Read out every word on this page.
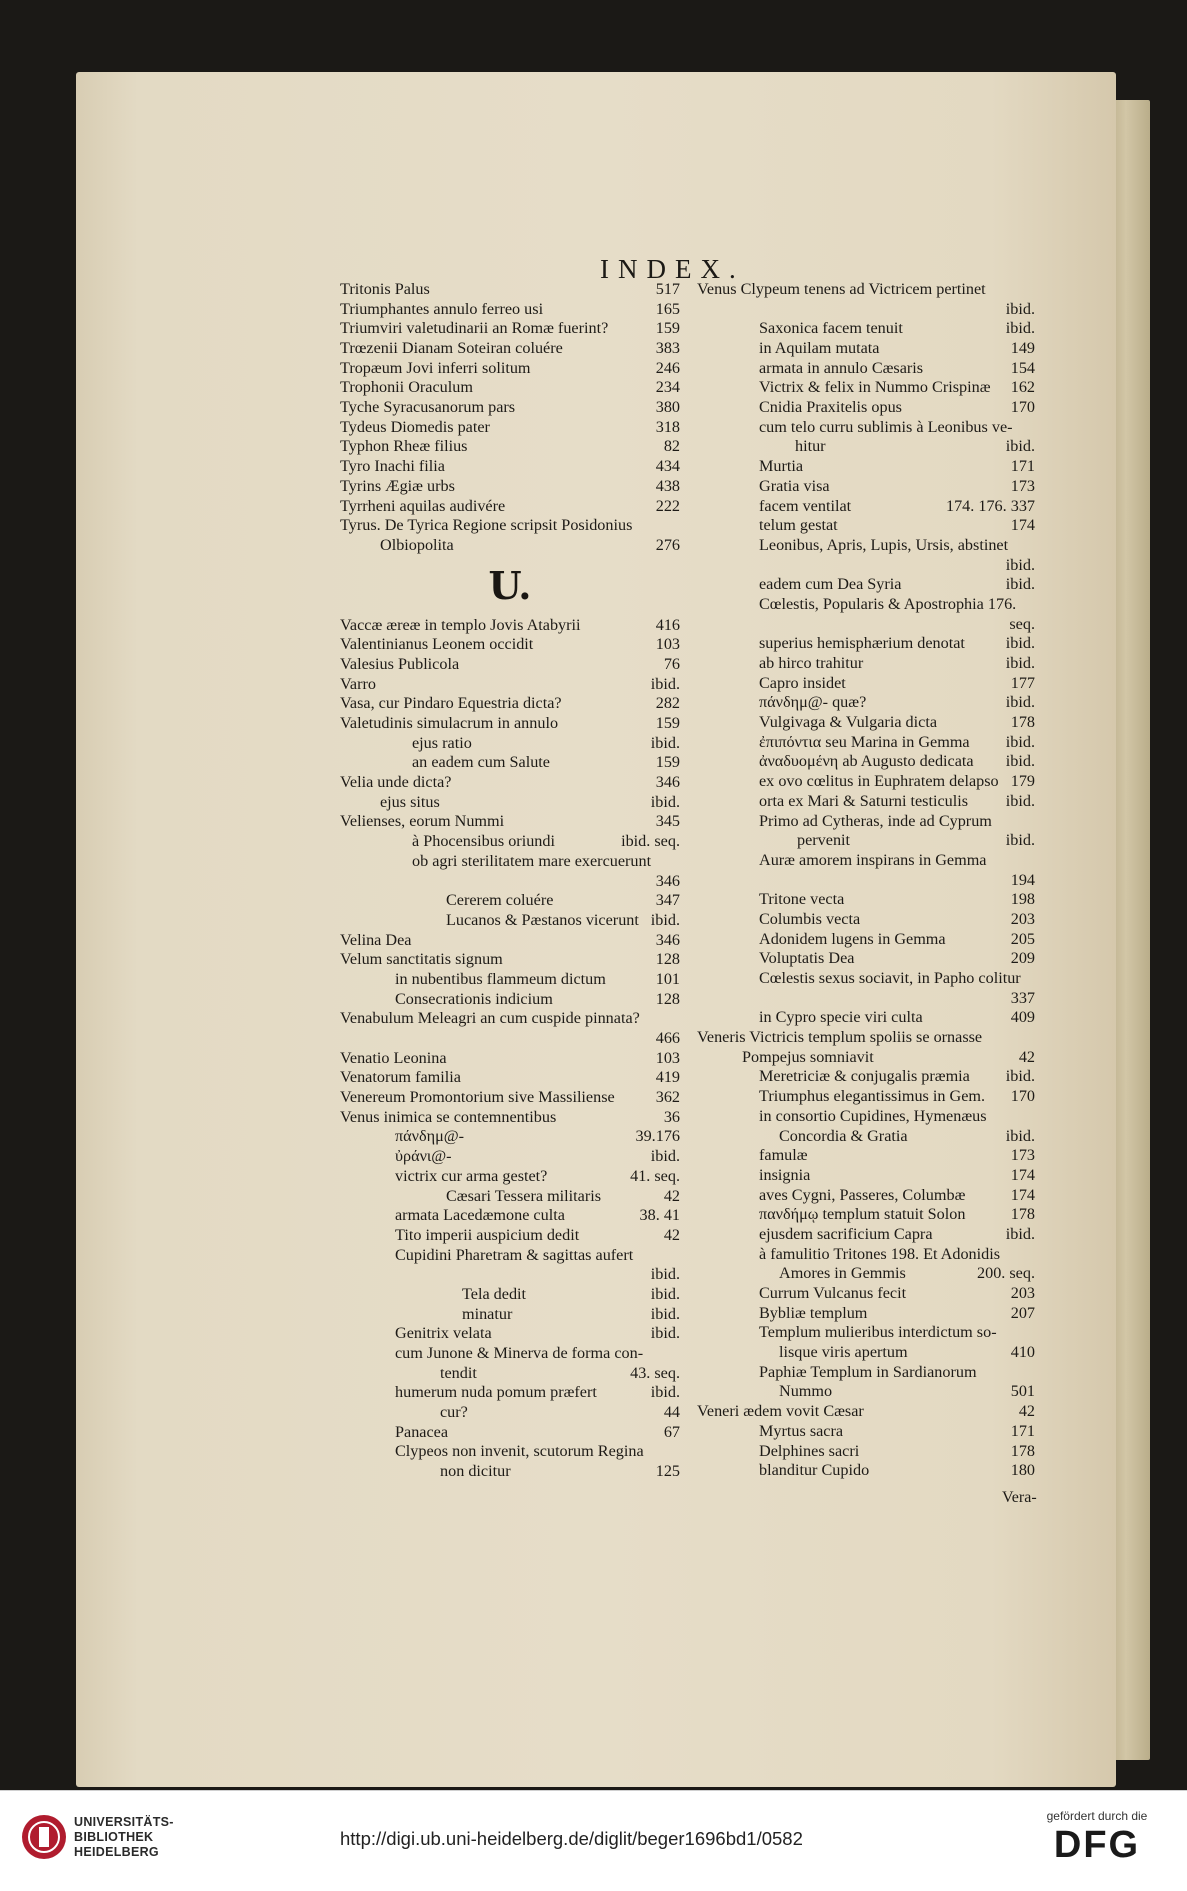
INDEX.
Tritonis Palus	517
Triumphantes annulo ferreo usi	165
Triumviri valetudinarii an Romæ fuerint?	159
Trœzenii Dianam Soteiran coluére	383
Tropæum Jovi inferri solitum	246
Trophonii Oraculum	234
Tyche Syracusanorum pars	380
Tydeus Diomedis pater	318
Typhon Rheæ filius	82
Tyro Inachi filia	434
Tyrins Ægiæ urbs	438
Tyrrheni aquilas audivére	222
Tyrus. De Tyrica Regione scripsit Posidonius
Olbiopolita	276
U.
Vaccæ æreæ in templo Jovis Atabyrii	416
Valentinianus Leonem occidit	103
Valesius Publicola	76
Varro	ibid.
Vasa, cur Pindaro Equestria dicta?	282
Valetudinis simulacrum in annulo	159
ejus ratio	ibid.
an eadem cum Salute	159
Velia unde dicta?	346
ejus situs	ibid.
Velienses, eorum Nummi	345
à Phocensibus oriundi	ibid. seq.
ob agri sterilitatem mare exercuerunt
346
Cererem coluére	347
Lucanos & Pæstanos vicerunt ibid.
Velina Dea	346
Velum sanctitatis signum	128
in nubentibus flammeum dictum	101
Consecrationis indicium	128
Venabulum Meleagri an cum cuspide pinnata?
466
Venatio Leonina	103
Venatorum familia	419
Venereum Promontorium sive Massiliense	362
Venus inimica se contemnentibus	36
πάνδημ@-	39.176
ὐράνι@-	ibid.
victrix cur arma gestet?	41. seq.
Cæsari Tessera militaris	42
armata Lacedæmone culta	38. 41
Tito imperii auspicium dedit	42
Cupidini Pharetram & sagittas aufert
ibid.
Tela dedit	ibid.
minatur	ibid.
Genitrix velata	ibid.
cum Junone & Minerva de forma con-
tendit	43. seq.
humerum nuda pomum præfert	ibid.
cur?	44
Panacea	67
Clypeos non invenit, scutorum Regina
non dicitur	125
Venus Clypeum tenens ad Victricem pertinet
ibid.
Saxonica facem tenuit	ibid.
in Aquilam mutata	149
armata in annulo Cæsaris	154
Victrix & felix in Nummo Crispinæ	162
Cnidia Praxitelis opus	170
cum telo curru sublimis à Leonibus ve-
hitur	ibid.
Murtia	171
Gratia visa	173
facem ventilat	174. 176. 337
telum gestat	174
Leonibus, Apris, Lupis, Ursis, abstinet
ibid.
eadem cum Dea Syria	ibid.
Cœlestis, Popularis & Apostrophia 176.
seq.
superius hemisphærium denotat	ibid.
ab hirco trahitur	ibid.
Capro insidet	177
πάνδημ@- quæ?	ibid.
Vulgivaga & Vulgaria dicta	178
ἐπιπόντια seu Marina in Gemma	ibid.
ἀναδυομένη ab Augusto dedicata	ibid.
ex ovo cœlitus in Euphratem delapso 179
orta ex Mari & Saturni testiculis	ibid.
Primo ad Cytheras, inde ad Cyprum
pervenit	ibid.
Auræ amorem inspirans in Gemma
194
Tritone vecta	198
Columbis vecta	203
Adonidem lugens in Gemma	205
Voluptatis Dea	209
Cœlestis sexus sociavit, in Papho colitur
337
in Cypro specie viri culta	409
Veneris Victricis templum spoliis se ornasse
Pompejus somniavit	42
Meretriciæ & conjugalis præmia	ibid.
Triumphus elegantissimus in Gem.	170
in consortio Cupidines, Hymenæus
Concordia & Gratia	ibid.
famulæ	173
insignia	174
aves Cygni, Passeres, Columbæ	174
πανδήμῳ templum statuit Solon	178
ejusdem sacrificium Capra	ibid.
à famulitio Tritones 198. Et Adonidis
Amores in Gemmis	200. seq.
Currum Vulcanus fecit	203
Bybliæ templum	207
Templum mulieribus interdictum so-
lisque viris apertum	410
Paphiæ Templum in Sardianorum
Nummo	501
Veneri ædem vovit Cæsar	42
Myrtus sacra	171
Delphines sacri	178
blanditur Cupido	180
Vera-
UNIVERSITÄTS-
BIBLIOTHEK
HEIDELBERG
http://digi.ub.uni-heidelberg.de/diglit/beger1696bd1/0582
gefördert durch die
DFG
